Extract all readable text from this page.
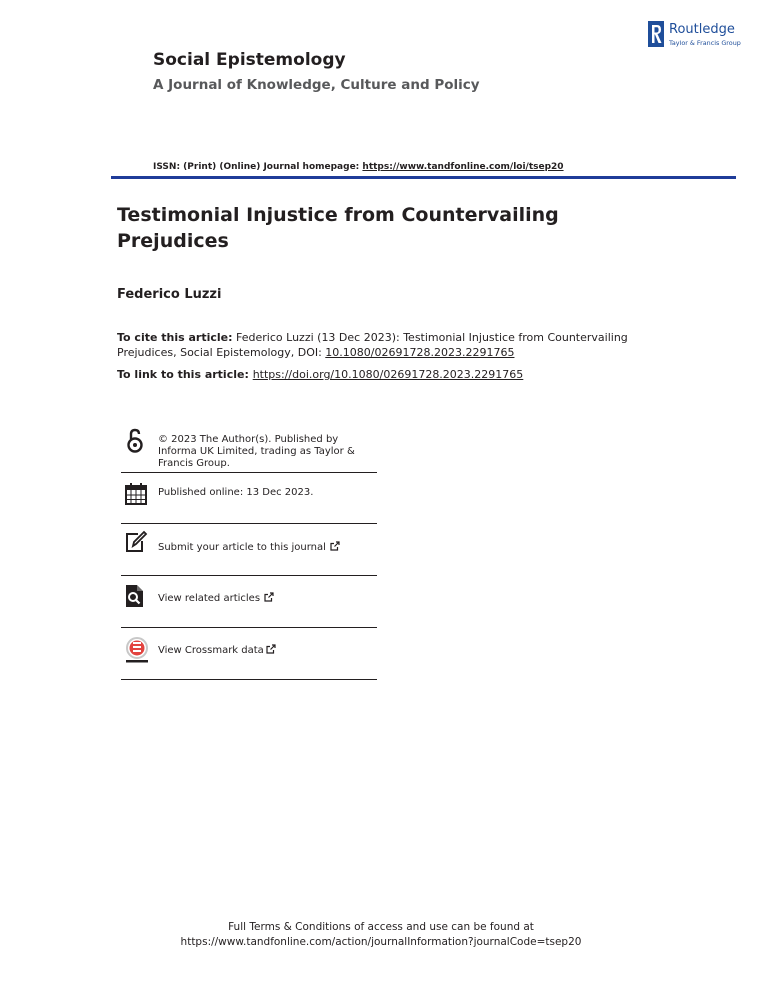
Routledge
Taylor & Francis Group
Social Epistemology
A Journal of Knowledge, Culture and Policy
ISSN: (Print) (Online) Journal homepage: https://www.tandfonline.com/loi/tsep20
Testimonial Injustice from Countervailing Prejudices
Federico Luzzi
To cite this article: Federico Luzzi (13 Dec 2023): Testimonial Injustice from Countervailing Prejudices, Social Epistemology, DOI: 10.1080/02691728.2023.2291765
To link to this article: https://doi.org/10.1080/02691728.2023.2291765
© 2023 The Author(s). Published by Informa UK Limited, trading as Taylor & Francis Group.
Published online: 13 Dec 2023.
Submit your article to this journal
View related articles
View Crossmark data
Full Terms & Conditions of access and use can be found at
https://www.tandfonline.com/action/journalInformation?journalCode=tsep20
